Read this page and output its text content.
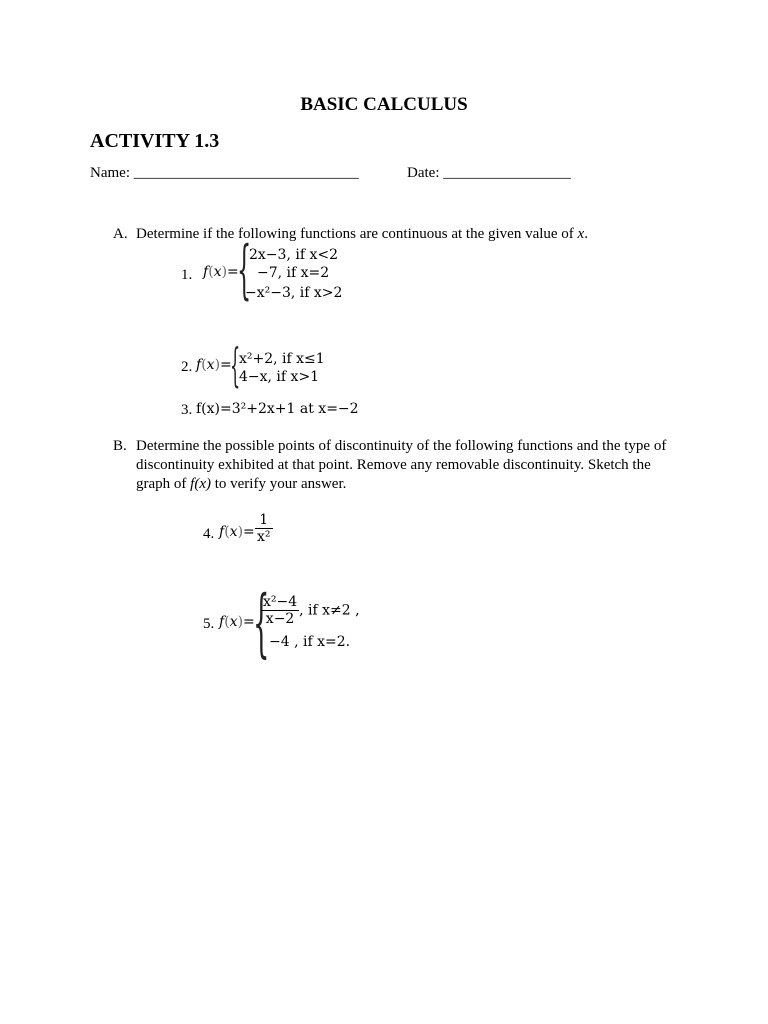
BASIC CALCULUS
ACTIVITY 1.3
Name: ______________________________	Date: _________________
A. Determine if the following functions are continuous at the given value of x.
1. f(x)=
{
2x−3, if x<2
−7, if x=2
−x²−3, if x>2
2. f(x)=
{
x²+2, if x≤1
4−x, if x>1
3. f(x)=3²+2x+1 at x=−2
B. Determine the possible points of discontinuity of the following functions and the type of
discontinuity exhibited at that point. Remove any removable discontinuity. Sketch the
graph of f(x) to verify your answer.
4. $f(x)= \frac{1}{\text{x²}}$
5. f(x)=
{
$\frac{\text{x²−4}}{x-2}$ , if x≠2 ,
−4 , if x=2.
